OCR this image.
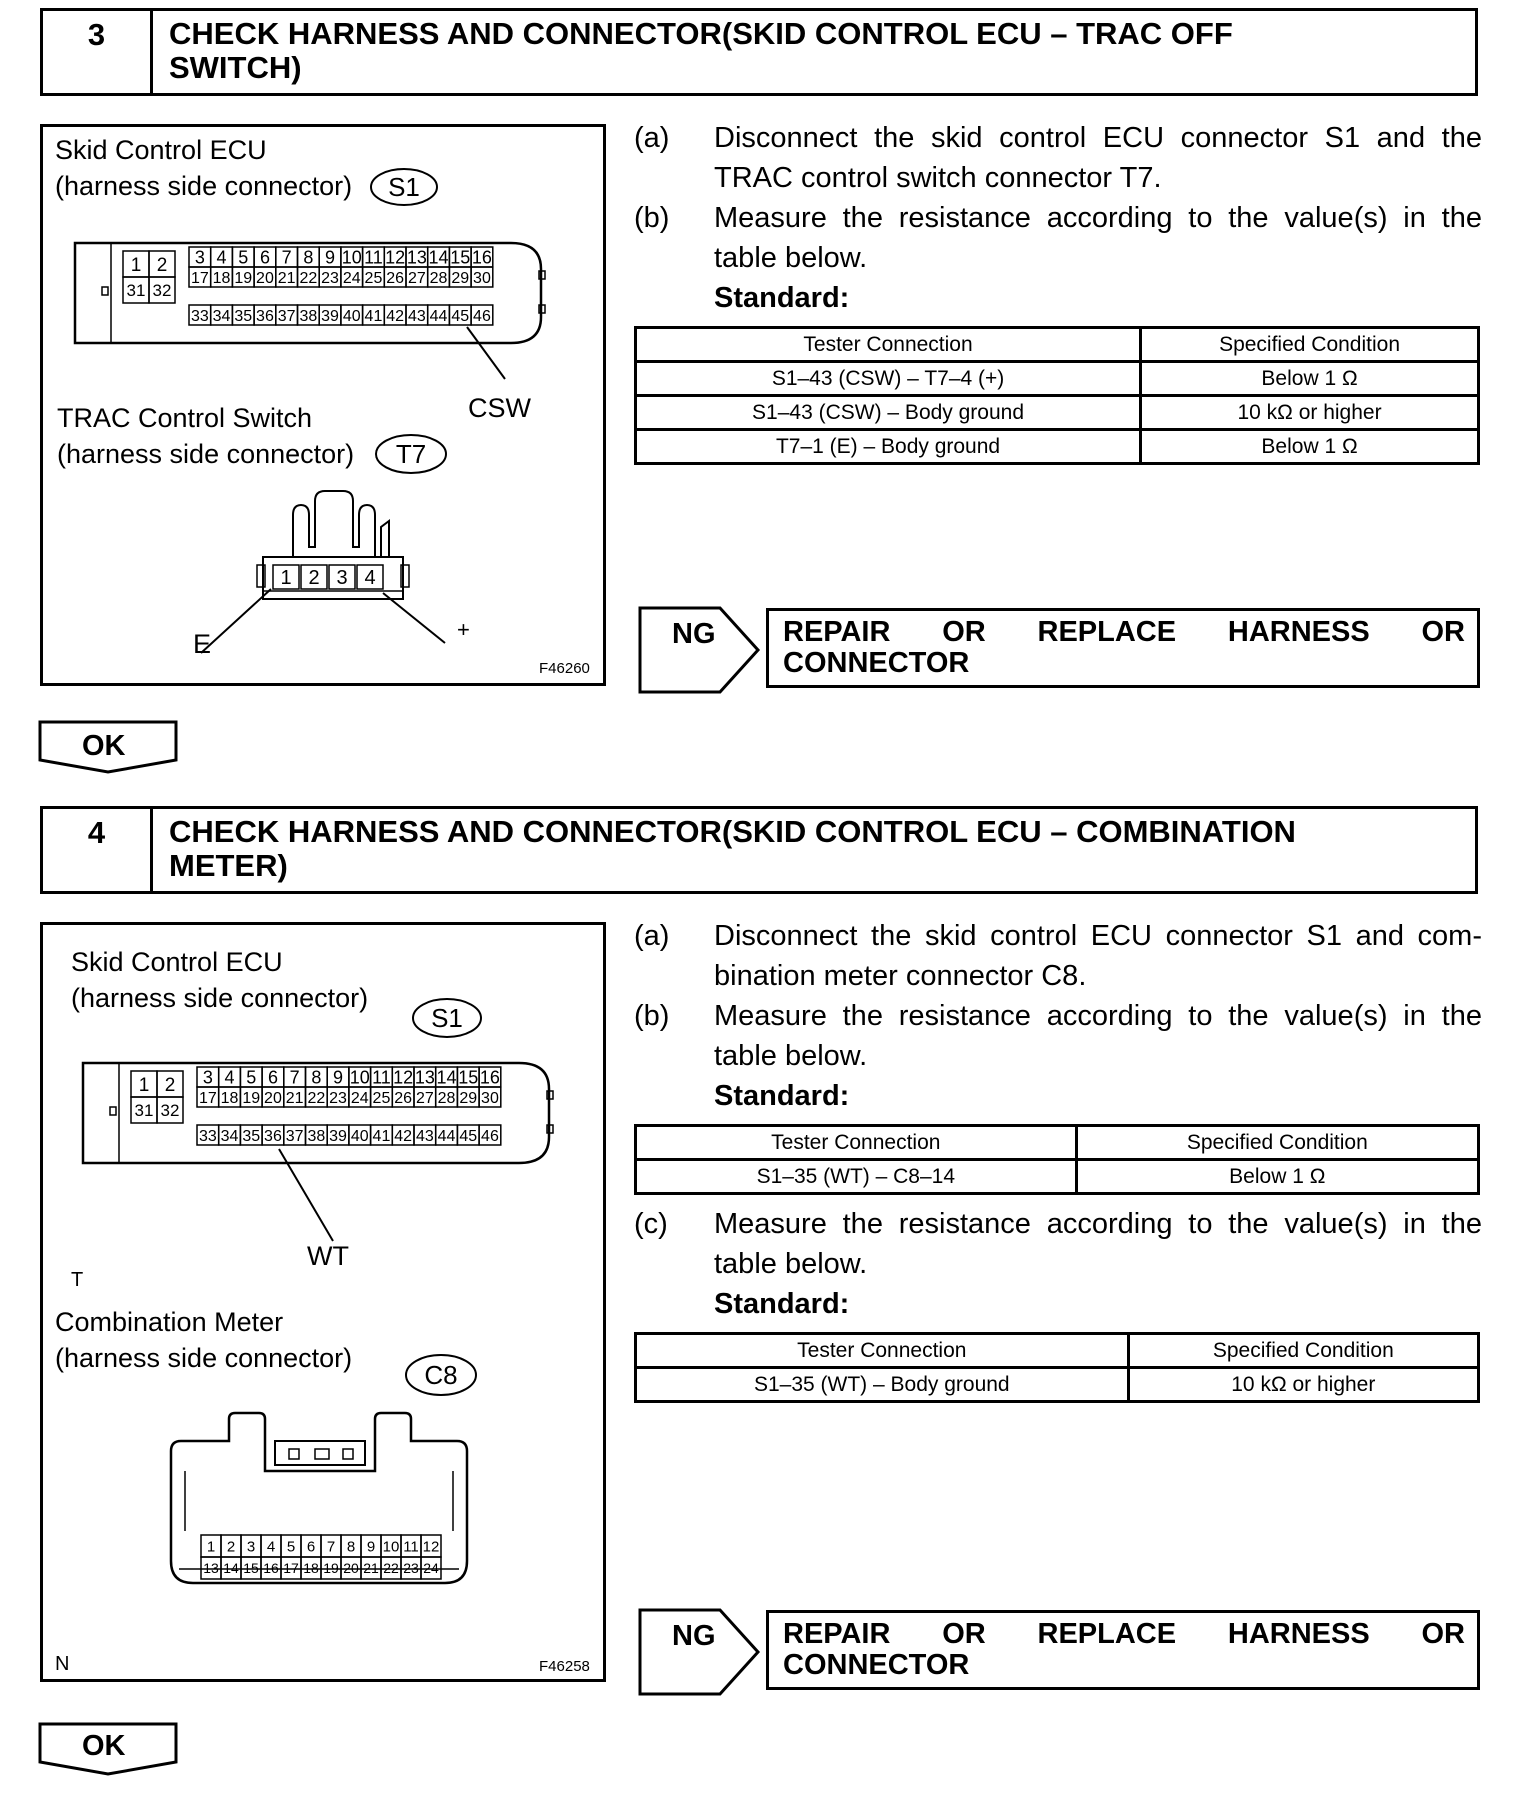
3	CHECK HARNESS AND CONNECTOR(SKID CONTROL ECU – TRAC OFF
SWITCH)
Skid Control ECU
(harness side connector) S1
1 2
31 32
3 4 5 6 7 8 9 10 11 12 13 14 15 16
17 18 19 20 21 22 23 24 25 26 27 28 29 30
33 34 35 36 37 38 39 40 41 42 43 44 45 46
CSW
TRAC Control Switch
(harness side connector) T7
1 2 3 4
E	+
F46260
(a) Disconnect the skid control ECU connector S1 and the TRAC control switch connector T7.
(b) Measure the resistance according to the value(s) in the table below.
Standard:
Tester Connection	Specified Condition
S1–43 (CSW) – T7–4 (+)	Below 1 Ω
S1–43 (CSW) – Body ground	10 kΩ or higher
T7–1 (E) – Body ground	Below 1 Ω
NG REPAIR OR REPLACE HARNESS OR
CONNECTOR
OK
4	CHECK HARNESS AND CONNECTOR(SKID CONTROL ECU – COMBINATION
METER)
Skid Control ECU
(harness side connector)
S1
1 2
31 32
3 4 5 6 7 8 9 10 11 12 13 14 15 16
17 18 19 20 21 22 23 24 25 26 27 28 29 30
33 34 35 36 37 38 39 40 41 42 43 44 45 46
WT
T
Combination Meter
(harness side connector)
C8
1 2 3 4 5 6 7 8 9 10 11 12
13 14 15 16 17 18 19 20 21 22 23 24
N	F46258
(a) Disconnect the skid control ECU connector S1 and com-bination meter connector C8.
(b) Measure the resistance according to the value(s) in the table below.
Standard:
Tester Connection	Specified Condition
S1–35 (WT) – C8–14	Below 1 Ω
(c) Measure the resistance according to the value(s) in the table below.
Standard:
Tester Connection	Specified Condition
S1–35 (WT) – Body ground	10 kΩ or higher
NG REPAIR OR REPLACE HARNESS OR
CONNECTOR
OK
